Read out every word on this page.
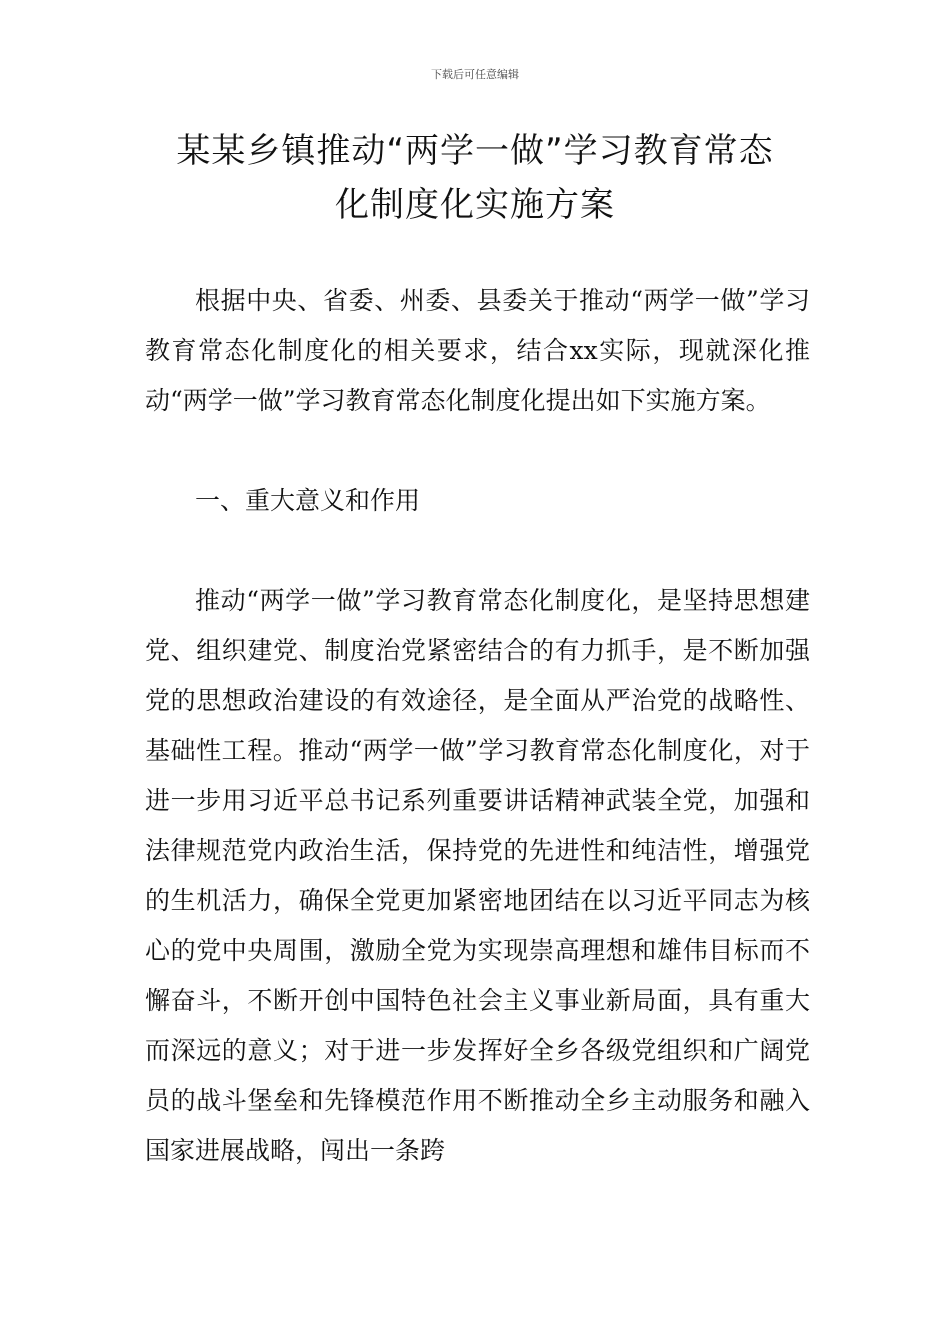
下载后可任意编辑
某某乡镇推动“两学一做”学习教育常态
化制度化实施方案

根据中央、省委、州委、县委关于推动“两学一做”学习教育常态化制度化的相关要求，结合xx实际，现就深化推动“两学一做”学习教育常态化制度化提出如下实施方案。

一、重大意义和作用

推动“两学一做”学习教育常态化制度化，是坚持思想建党、组织建党、制度治党紧密结合的有力抓手，是不断加强党的思想政治建设的有效途径，是全面从严治党的战略性、基础性工程。推动“两学一做”学习教育常态化制度化，对于进一步用习近平总书记系列重要讲话精神武装全党，加强和法律规范党内政治生活，保持党的先进性和纯洁性，增强党的生机活力，确保全党更加紧密地团结在以习近平同志为核心的党中央周围，激励全党为实现崇高理想和雄伟目标而不懈奋斗，不断开创中国特色社会主义事业新局面，具有重大而深远的意义；对于进一步发挥好全乡各级党组织和广阔党员的战斗堡垒和先锋模范作用不断推动全乡主动服务和融入国家进展战略，闯出一条跨
